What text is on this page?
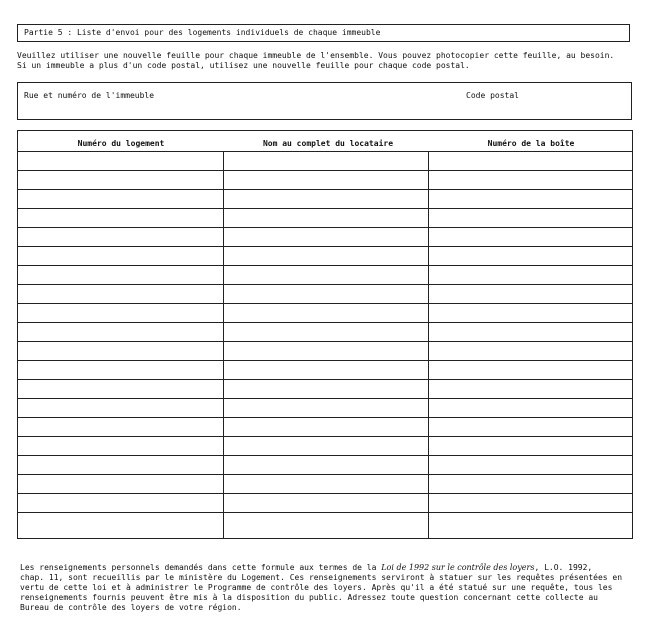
Partie 5 : Liste d'envoi pour des logements individuels de chaque immeuble
Veuillez utiliser une nouvelle feuille pour chaque immeuble de l'ensemble. Vous pouvez photocopier cette feuille, au besoin.
Si un immeuble a plus d'un code postal, utilisez une nouvelle feuille pour chaque code postal.
Rue et numéro de l'immeuble	Code postal
Numéro du logement	Nom au complet du locataire	Numéro de la boîte
Les renseignements personnels demandés dans cette formule aux termes de la Loi de 1992 sur le contrôle des loyers, L.O. 1992,
chap. 11, sont recueillis par le ministère du Logement. Ces renseignements serviront à statuer sur les requêtes présentées en
vertu de cette loi et à administrer le Programme de contrôle des loyers. Après qu'il a été statué sur une requête, tous les
renseignements fournis peuvent être mis à la disposition du public. Adressez toute question concernant cette collecte au
Bureau de contrôle des loyers de votre région.
